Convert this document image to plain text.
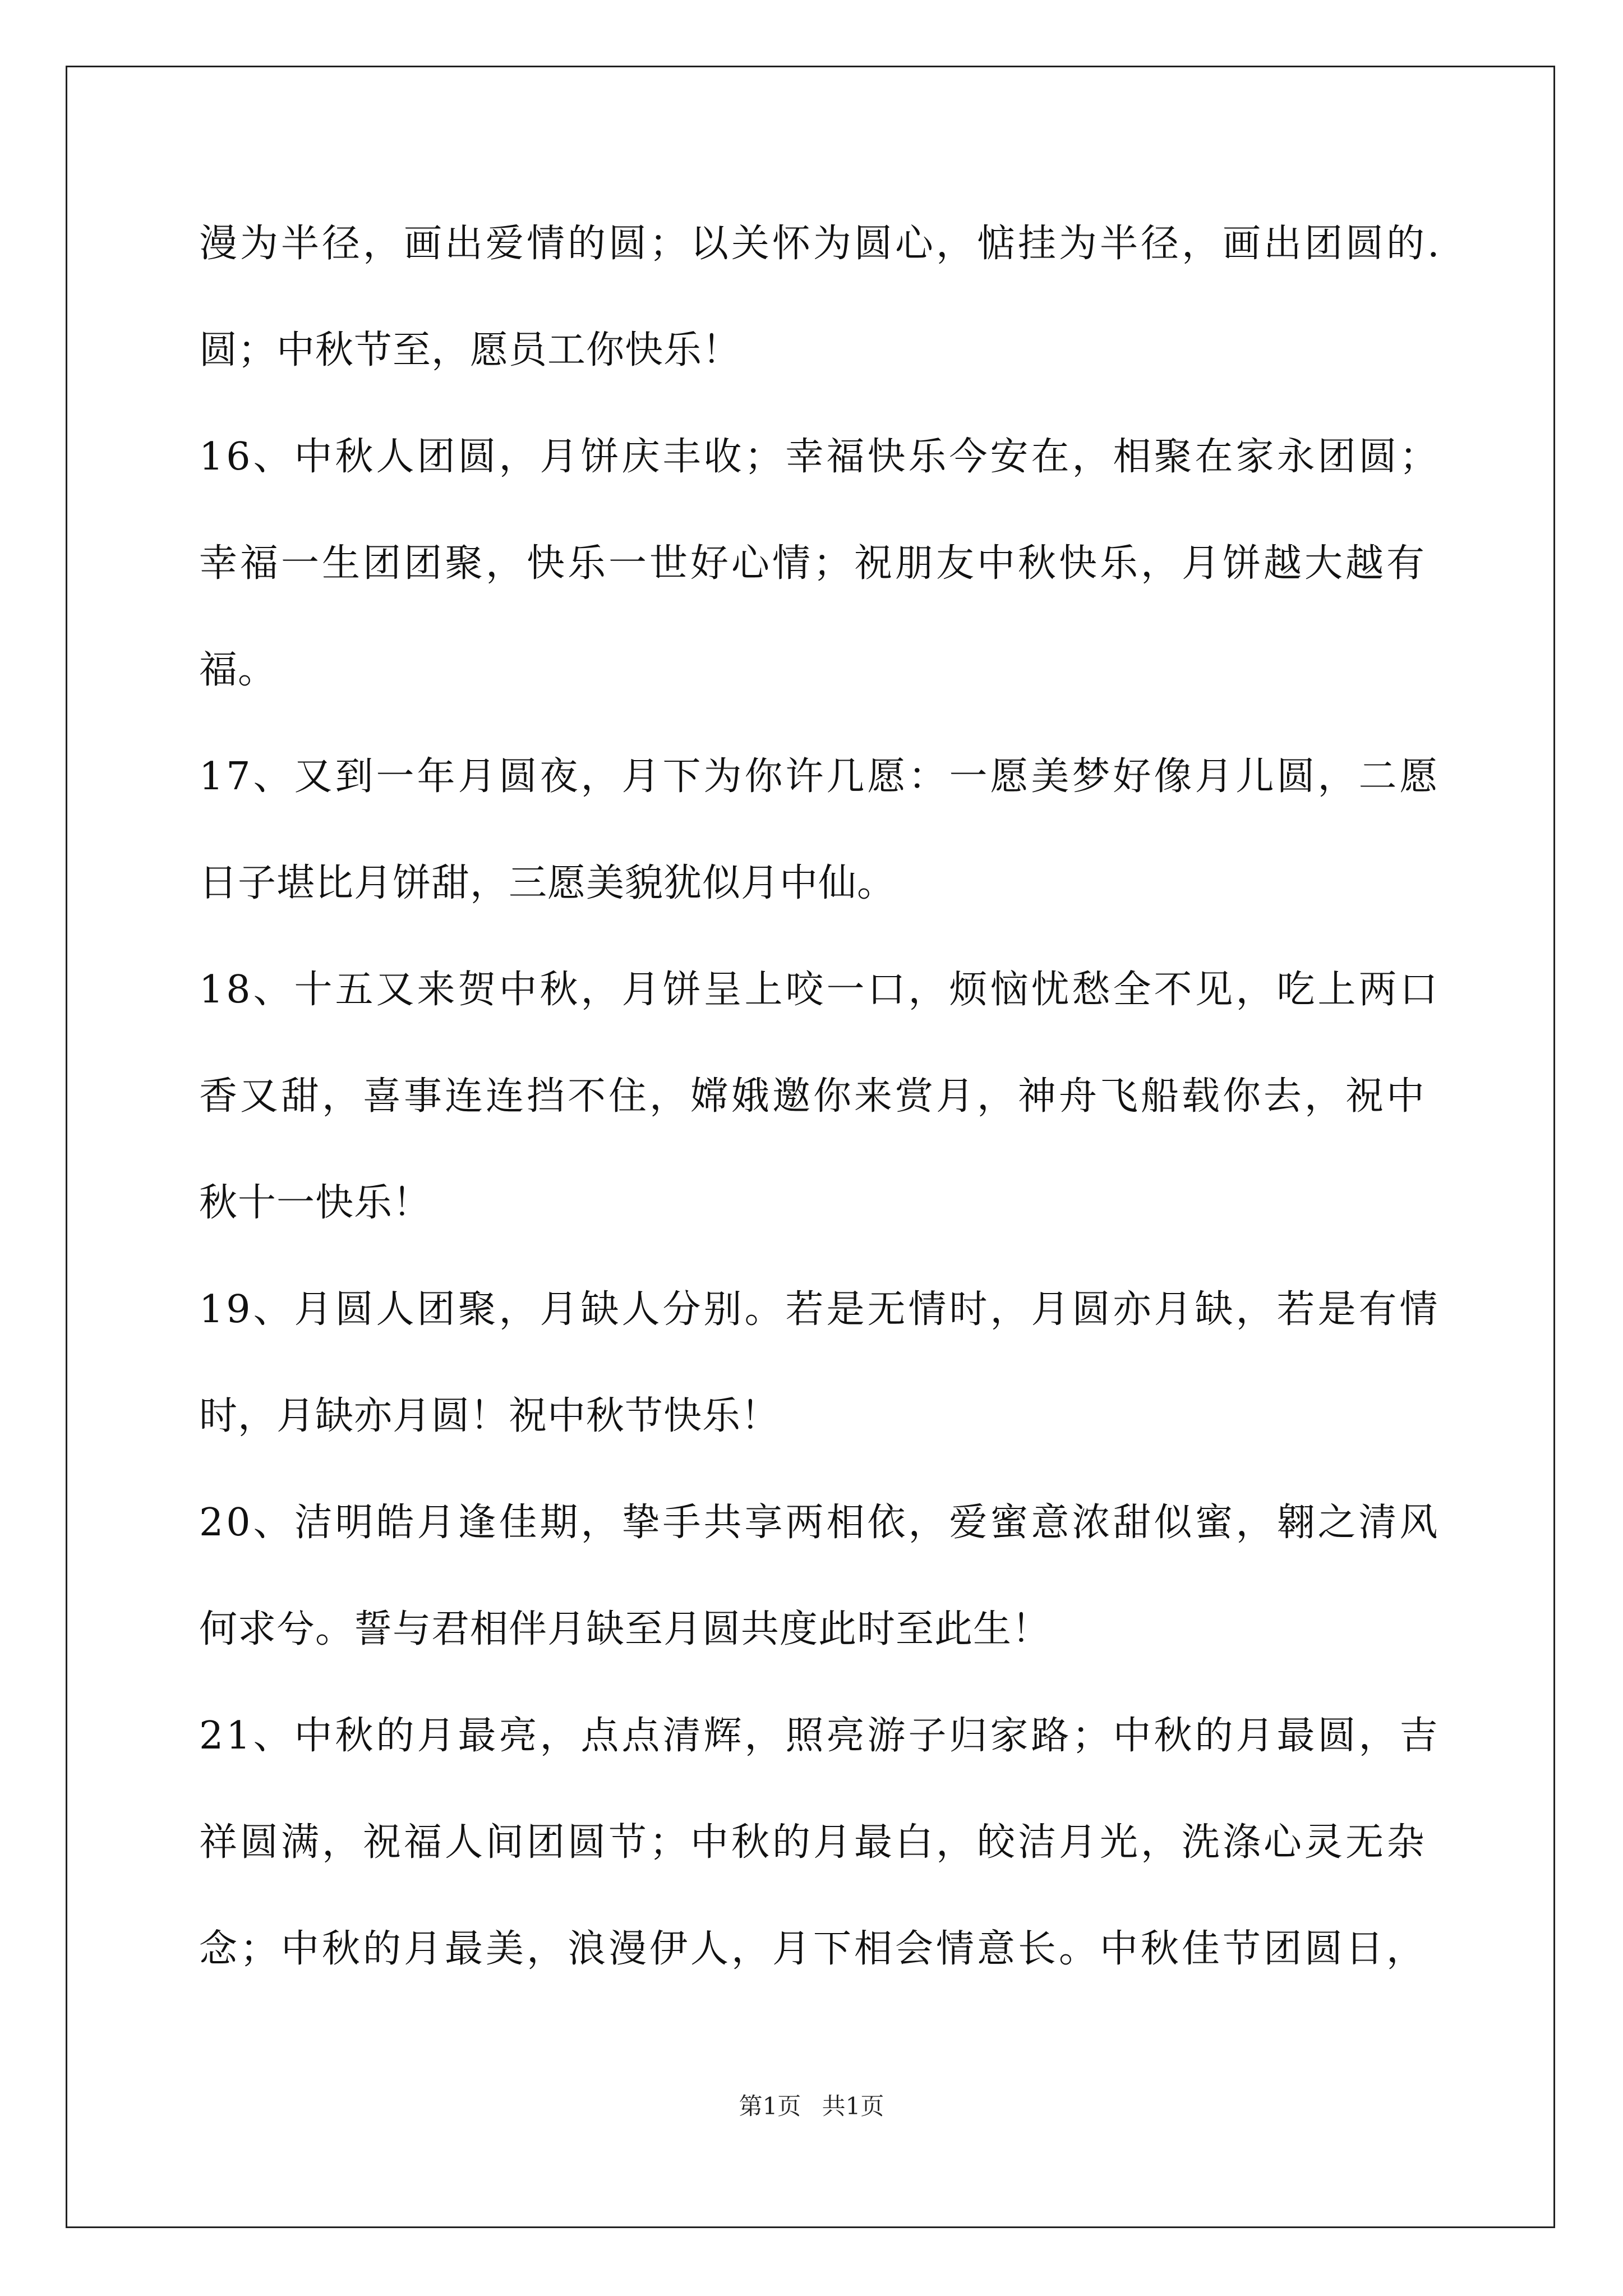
漫为半径，画出爱情的圆；以关怀为圆心，惦挂为半径，画出团圆的.
圆；中秋节至，愿员工你快乐！
16、中秋人团圆，月饼庆丰收；幸福快乐今安在，相聚在家永团圆；
幸福一生团团聚，快乐一世好心情；祝朋友中秋快乐，月饼越大越有
福。
17、又到一年月圆夜，月下为你许几愿：一愿美梦好像月儿圆，二愿
日子堪比月饼甜，三愿美貌犹似月中仙。
18、十五又来贺中秋，月饼呈上咬一口，烦恼忧愁全不见，吃上两口
香又甜，喜事连连挡不住，嫦娥邀你来赏月，神舟飞船载你去，祝中
秋十一快乐！
19、月圆人团聚，月缺人分别。若是无情时，月圆亦月缺，若是有情
时，月缺亦月圆！祝中秋节快乐！
20、洁明皓月逢佳期，挚手共享两相依，爱蜜意浓甜似蜜，翱之清风
何求兮。誓与君相伴月缺至月圆共度此时至此生！
21、中秋的月最亮，点点清辉，照亮游子归家路；中秋的月最圆，吉
祥圆满，祝福人间团圆节；中秋的月最白，皎洁月光，洗涤心灵无杂
念；中秋的月最美，浪漫伊人，月下相会情意长。中秋佳节团圆日，
第1页 共1页
